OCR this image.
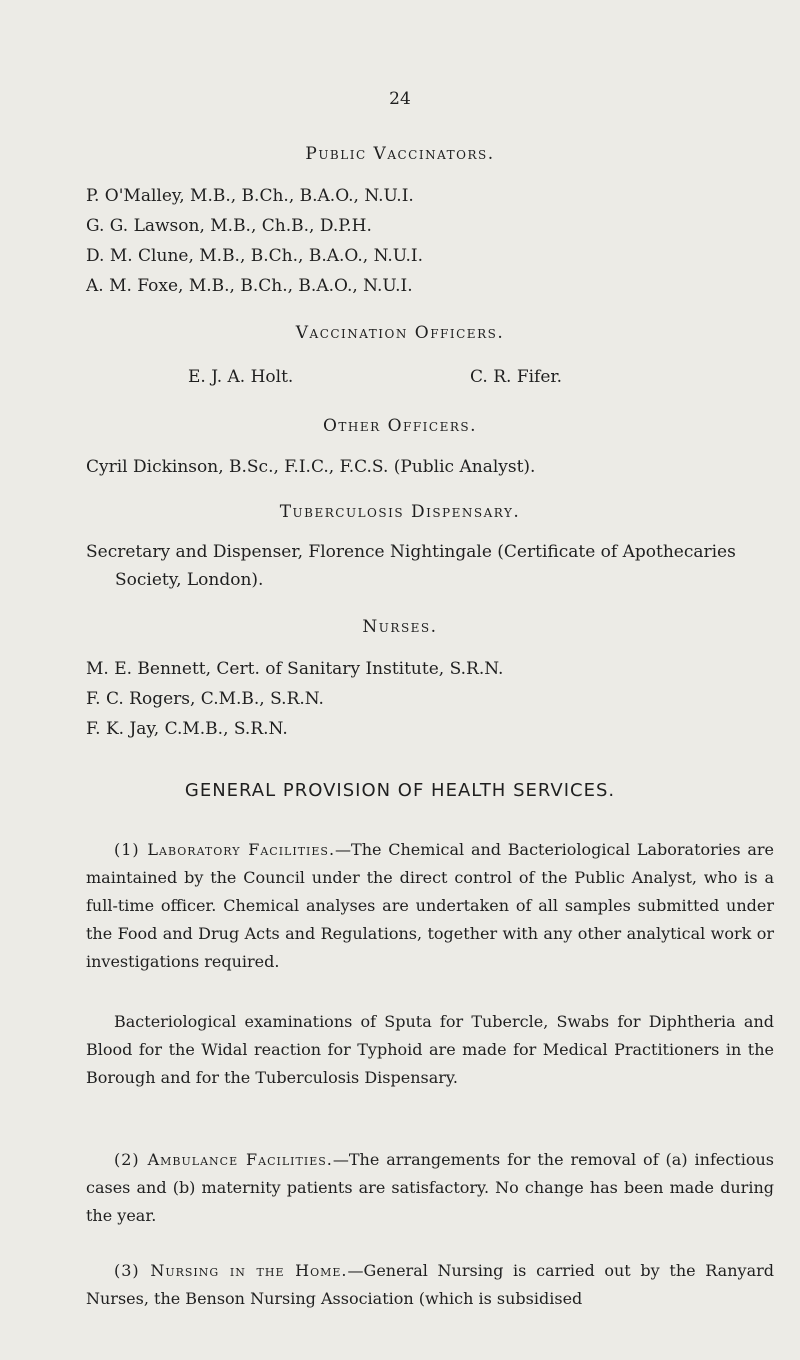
24
Public Vaccinators.
P. O'Malley, M.B., B.Ch., B.A.O., N.U.I.
G. G. Lawson, M.B., Ch.B., D.P.H.
D. M. Clune, M.B., B.Ch., B.A.O., N.U.I.
A. M. Foxe, M.B., B.Ch., B.A.O., N.U.I.
Vaccination Officers.
E. J. A. Holt.	C. R. Fifer.
Other Officers.
Cyril Dickinson, B.Sc., F.I.C., F.C.S. (Public Analyst).
Tuberculosis Dispensary.
Secretary and Dispenser, Florence Nightingale (Certificate of Apothecaries
Society, London).
Nurses.
M. E. Bennett, Cert. of Sanitary Institute, S.R.N.
F. C. Rogers, C.M.B., S.R.N.
F. K. Jay, C.M.B., S.R.N.
GENERAL PROVISION OF HEALTH SERVICES.
(1) Laboratory Facilities.—The Chemical and Bacteriological Laboratories are maintained by the Council under the direct control of the Public Analyst, who is a full-time officer. Chemical analyses are undertaken of all samples submitted under the Food and Drug Acts and Regulations, together with any other analytical work or investigations required.
Bacteriological examinations of Sputa for Tubercle, Swabs for Diphtheria and Blood for the Widal reaction for Typhoid are made for Medical Practitioners in the Borough and for the Tuberculosis Dispensary.
(2) Ambulance Facilities.—The arrangements for the removal of (a) infectious cases and (b) maternity patients are satisfactory. No change has been made during the year.
(3) Nursing in the Home.—General Nursing is carried out by the Ranyard Nurses, the Benson Nursing Association (which is subsidised
